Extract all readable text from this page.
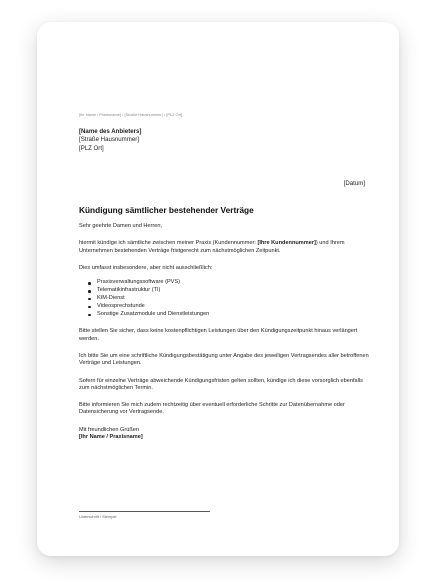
[Ihr Name / Praxisname] • [Straße Hausnummer] • [PLZ Ort]
[Name des Anbieters]
[Straße Hausnummer]
[PLZ Ort]
[Datum]
Kündigung sämtlicher bestehender Verträge
Sehr geehrte Damen und Herren,
hiermit kündige ich sämtliche zwischen meiner Praxis (Kundennummer: [Ihre Kundennummer]) und Ihrem Unternehmen bestehenden Verträge fristgerecht zum nächstmöglichen Zeitpunkt.
Dies umfasst insbesondere, aber nicht ausschließlich:
Praxisverwaltungssoftware (PVS)
Telematikinfrastruktur (TI)
KIM-Dienst
Videosprechstunde
Sonstige Zusatzmodule und Dienstleistungen
Bitte stellen Sie sicher, dass keine kostenpflichtigen Leistungen über den Kündigungszeitpunkt hinaus verlängert werden.
Ich bitte Sie um eine schriftliche Kündigungsbestätigung unter Angabe des jeweiligen Vertragsendes aller betroffenen Verträge und Leistungen.
Sofern für einzelne Verträge abweichende Kündigungsfristen gelten sollten, kündige ich diese vorsorglich ebenfalls zum nächstmöglichen Termin.
Bitte informieren Sie mich zudem rechtzeitig über eventuell erforderliche Schritte zur Datenübernahme oder Datensicherung vor Vertragsende.
Mit freundlichen Grüßen
[Ihr Name / Praxisname]
Unterschrift / Stempel
